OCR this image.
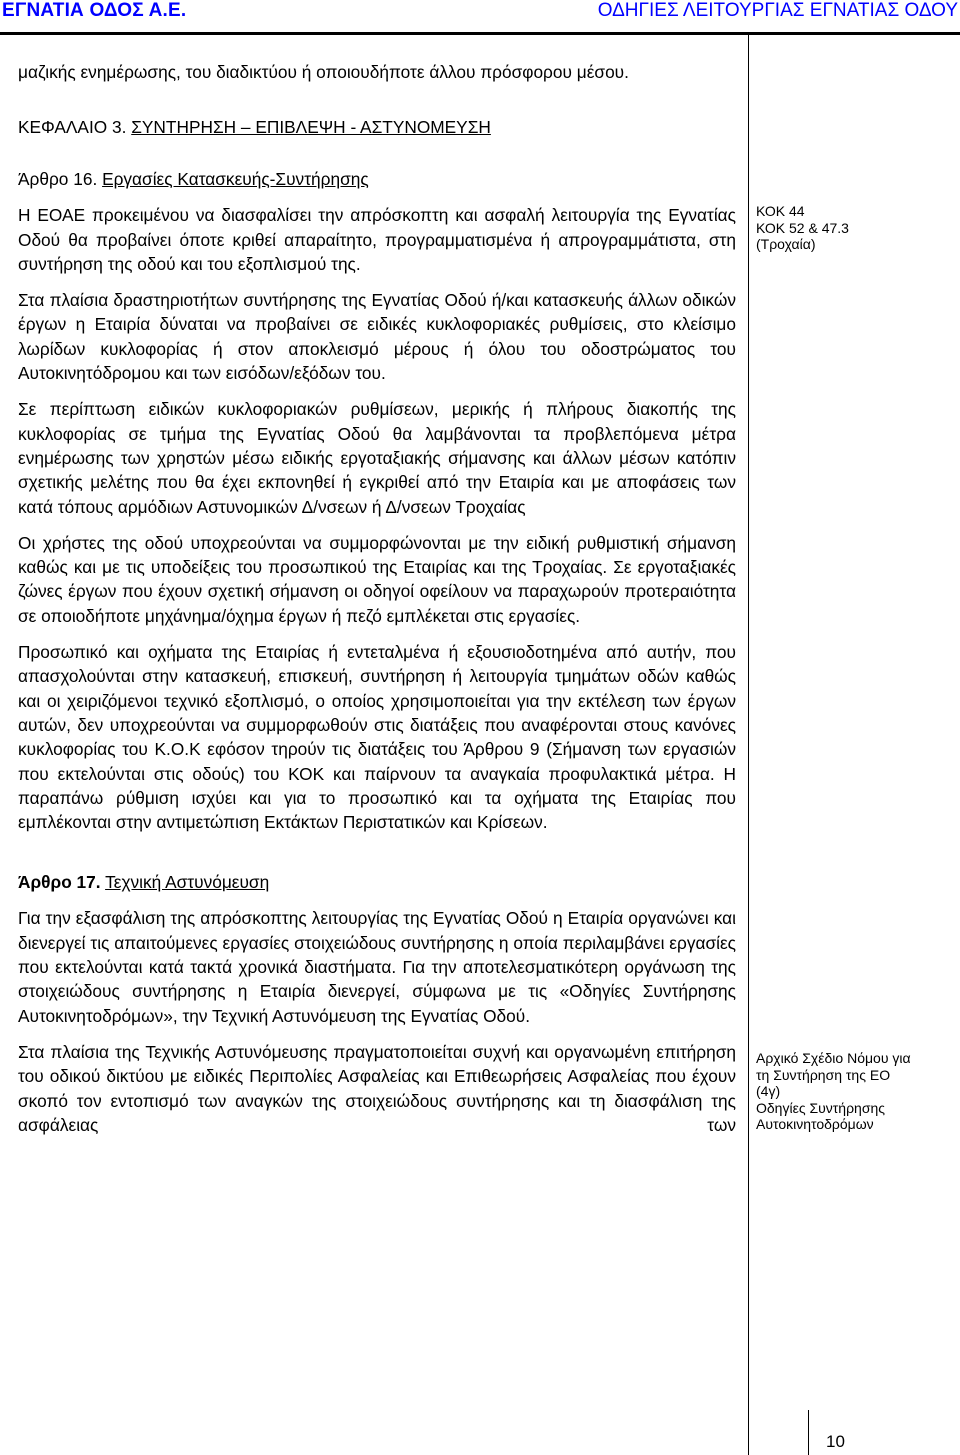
ΕΓΝΑΤΙΑ ΟΔΟΣ Α.Ε.	ΟΔΗΓΙΕΣ ΛΕΙΤΟΥΡΓΙΑΣ ΕΓΝΑΤΙΑΣ ΟΔΟΥ

μαζικής ενημέρωσης, του διαδικτύου ή οποιουδήποτε άλλου πρόσφορου μέσου.

ΚΕΦΑΛΑΙΟ 3. ΣΥΝΤΗΡΗΣΗ – ΕΠΙΒΛΕΨΗ - ΑΣΤΥΝΟΜΕΥΣΗ
Άρθρο 16. Εργασίες Κατασκευής-Συντήρησης

Η ΕΟΑΕ προκειμένου να διασφαλίσει την απρόσκοπτη και ασφαλή λειτουργία της Εγνατίας Οδού θα προβαίνει όποτε κριθεί απαραίτητο, προγραμματισμένα ή απρογραμμάτιστα, στη συντήρηση της οδού και του εξοπλισμού της.

Στα πλαίσια δραστηριοτήτων συντήρησης της Εγνατίας Οδού ή/και κατασκευής άλλων οδικών έργων η Εταιρία δύναται να προβαίνει σε ειδικές κυκλοφοριακές ρυθμίσεις, στο κλείσιμο λωρίδων κυκλοφορίας ή στον αποκλεισμό μέρους ή όλου του οδοστρώματος του Αυτοκινητόδρομου και των εισόδων/εξόδων του.

Σε περίπτωση ειδικών κυκλοφοριακών ρυθμίσεων, μερικής ή πλήρους διακοπής της κυκλοφορίας σε τμήμα της Εγνατίας Οδού θα λαμβάνονται τα προβλεπόμενα μέτρα ενημέρωσης των χρηστών μέσω ειδικής εργοταξιακής σήμανσης και άλλων μέσων κατόπιν σχετικής μελέτης που θα έχει εκπονηθεί ή εγκριθεί από την Εταιρία και με αποφάσεις των κατά τόπους αρμόδιων Αστυνομικών Δ/νσεων ή Δ/νσεων Τροχαίας

Οι χρήστες της οδού υποχρεούνται να συμμορφώνονται με την ειδική ρυθμιστική σήμανση καθώς και με τις υποδείξεις του προσωπικού της Εταιρίας και της Τροχαίας. Σε εργοταξιακές ζώνες έργων που έχουν σχετική σήμανση οι οδηγοί οφείλουν να παραχωρούν προτεραιότητα σε οποιοδήποτε μηχάνημα/όχημα έργων ή πεζό εμπλέκεται στις εργασίες.

Προσωπικό και οχήματα της Εταιρίας ή εντεταλμένα ή εξουσιοδοτημένα από αυτήν, που απασχολούνται στην κατασκευή, επισκευή, συντήρηση ή λειτουργία τμημάτων οδών καθώς και οι χειριζόμενοι τεχνικό εξοπλισμό, ο οποίος χρησιμοποιείται για την εκτέλεση των έργων αυτών, δεν υποχρεούνται να συμμορφωθούν στις διατάξεις που αναφέρονται στους κανόνες κυκλοφορίας του Κ.Ο.Κ εφόσον τηρούν τις διατάξεις του Άρθρου 9 (Σήμανση των εργασιών που εκτελούνται στις οδούς) του ΚΟΚ και παίρνουν τα αναγκαία προφυλακτικά μέτρα. Η παραπάνω ρύθμιση ισχύει και για το προσωπικό και τα οχήματα της Εταιρίας που εμπλέκονται στην αντιμετώπιση Εκτάκτων Περιστατικών και Κρίσεων.

Άρθρο 17. Τεχνική Αστυνόμευση

Για την εξασφάλιση της απρόσκοπτης λειτουργίας της Εγνατίας Οδού η Εταιρία οργανώνει και διενεργεί τις απαιτούμενες εργασίες στοιχειώδους συντήρησης η οποία περιλαμβάνει εργασίες που εκτελούνται κατά τακτά χρονικά διαστήματα. Για την αποτελεσματικότερη οργάνωση της στοιχειώδους συντήρησης η Εταιρία διενεργεί, σύμφωνα με τις «Οδηγίες Συντήρησης Αυτοκινητοδρόμων», την Τεχνική Αστυνόμευση της Εγνατίας Οδού.

Στα πλαίσια της Τεχνικής Αστυνόμευσης πραγματοποιείται συχνή και οργανωμένη επιτήρηση του οδικού δικτύου με ειδικές Περιπολίες Ασφαλείας και Επιθεωρήσεις Ασφαλείας που έχουν σκοπό τον εντοπισμό των αναγκών της στοιχειώδους συντήρησης και τη διασφάλιση της ασφάλειας των

ΚΟΚ 44
ΚΟΚ 52 & 47.3
(Τροχαία)
Αρχικό Σχέδιο Νόμου για
τη Συντήρηση της ΕΟ
(4γ)
Οδηγίες Συντήρησης
Αυτοκινητοδρόμων
10
